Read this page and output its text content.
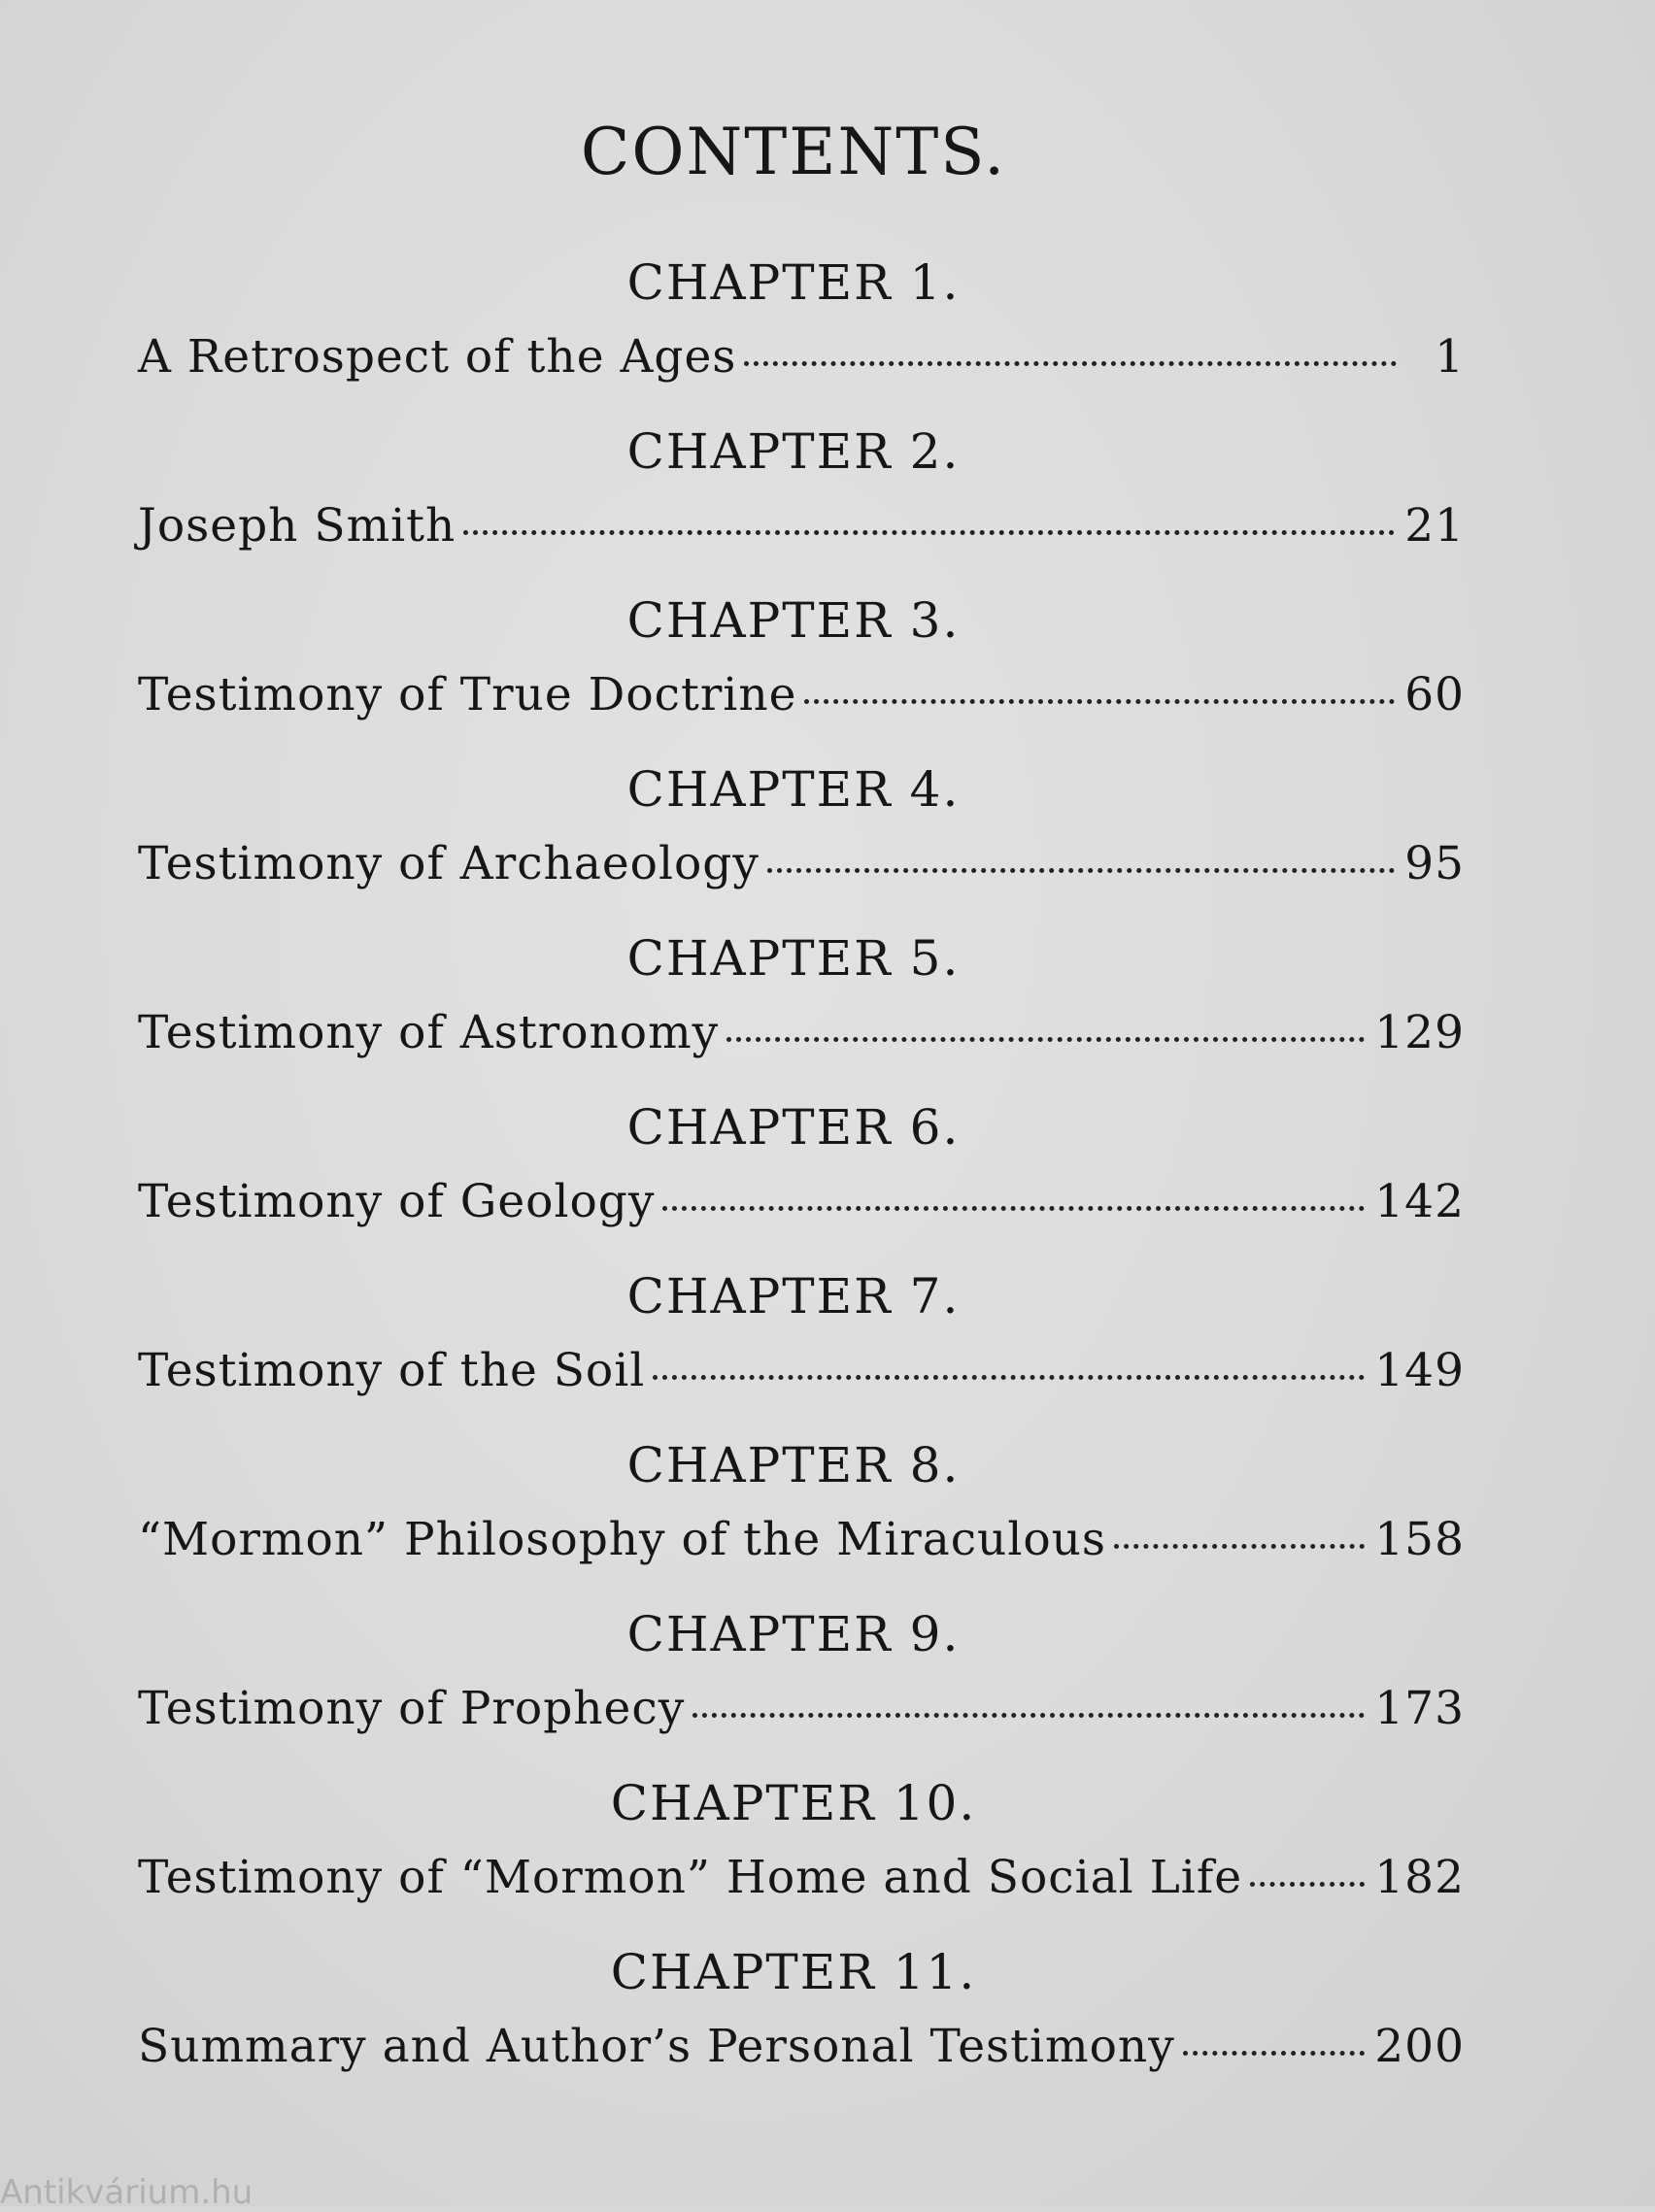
CONTENTS.
CHAPTER 1.
A Retrospect of the Ages	1
CHAPTER 2.
Joseph Smith	21
CHAPTER 3.
Testimony of True Doctrine	60
CHAPTER 4.
Testimony of Archaeology	95
CHAPTER 5.
Testimony of Astronomy	129
CHAPTER 6.
Testimony of Geology	142
CHAPTER 7.
Testimony of the Soil	149
CHAPTER 8.
“Mormon” Philosophy of the Miraculous	158
CHAPTER 9.
Testimony of Prophecy	173
CHAPTER 10.
Testimony of “Mormon” Home and Social Life	182
CHAPTER 11.
Summary and Author’s Personal Testimony	200
Antikvárium.hu
